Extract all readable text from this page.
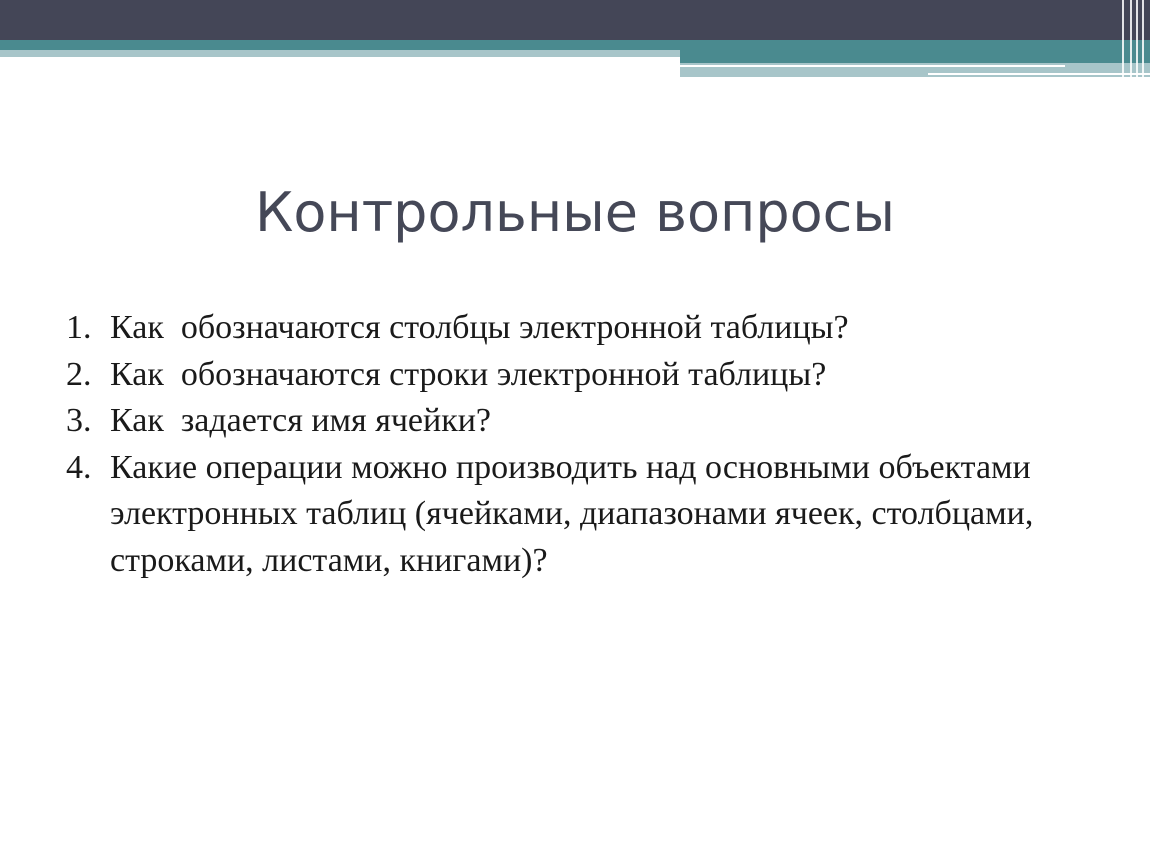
Контрольные вопросы
1. Как  обозначаются столбцы электронной таблицы?
2. Как  обозначаются строки электронной таблицы?
3. Как  задается имя ячейки?
4. Какие операции можно производить над основными объектами электронных таблиц (ячейками, диапазонами ячеек, столбцами, строками, листами, книгами)?
